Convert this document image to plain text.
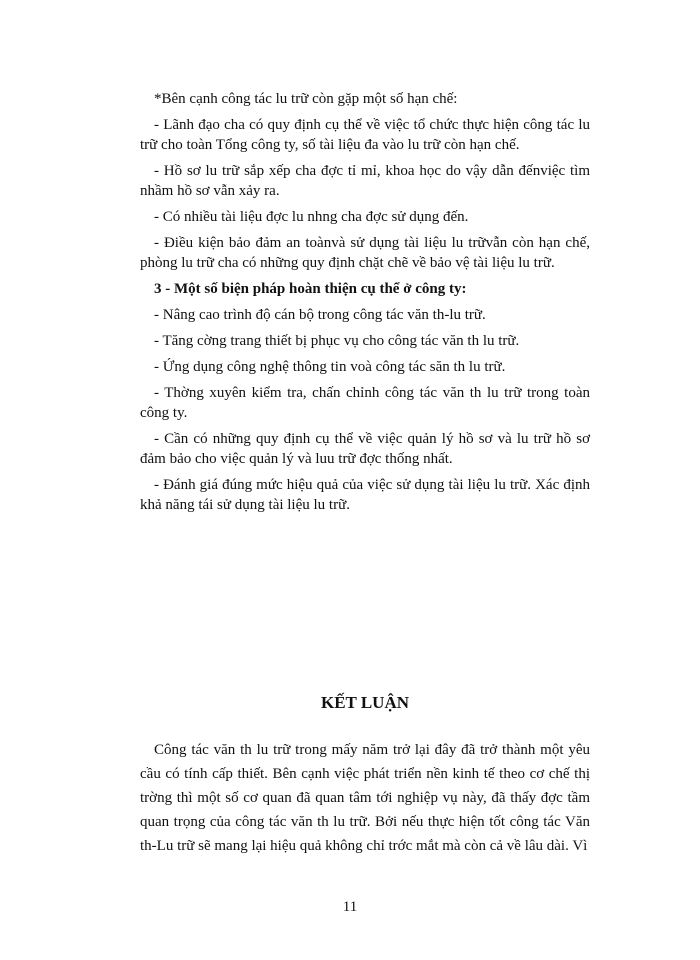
*Bên cạnh công tác lu trữ còn gặp một số hạn chế:

- Lãnh đạo cha có quy định cụ thể về việc tổ chức thực hiện công tác lu trữ cho toàn Tổng công ty, số tài liệu đa vào lu trữ còn hạn chế.

- Hồ sơ lu trữ sắp xếp cha đợc tỉ mỉ, khoa học do vậy dẫn đếnviệc tìm nhầm hồ sơ vẫn xảy ra.

- Có nhiều tài liệu đợc lu nhng cha đợc sử dụng đến.

- Điều kiện bảo đảm an toànvà sử dụng tài liệu lu trữvẫn còn hạn chế, phòng lu trữ cha có những quy định chặt chẽ về bảo vệ tài liệu lu trữ.

3 - Một số biện pháp hoàn thiện cụ thể ở công ty:

- Nâng cao trình độ cán bộ trong công tác văn th-lu trữ.

- Tăng cờng trang thiết bị phục vụ cho công tác văn th lu trữ.

- Ứng dụng công nghệ thông tin voà công tác săn th lu trữ.

- Thờng xuyên kiểm tra, chấn chỉnh công tác văn th lu trữ trong toàn công ty.

- Cần có những quy định cụ thể về việc quản lý hồ sơ và lu trữ hồ sơ đảm bảo cho việc quản lý và luu trữ đợc thống nhất.

- Đánh giá đúng mức hiệu quả của việc sử dụng tài liệu lu trữ. Xác định khả năng tái sử dụng tài liệu lu trữ.

KẾT LUẬN

Công tác văn th lu trữ trong mấy năm trở lại đây đã trở thành một yêu cầu có tính cấp thiết. Bên cạnh việc phát triển nền kinh tế theo cơ chế thị trờng thì một số cơ quan đã quan tâm tới nghiệp vụ này, đã thấy đợc tầm quan trọng của công tác văn th lu trữ. Bởi nếu thực hiện tốt công tác Văn th-Lu trữ sẽ mang lại hiệu quả không chỉ trớc mắt mà còn cả về lâu dài. Vì

11
